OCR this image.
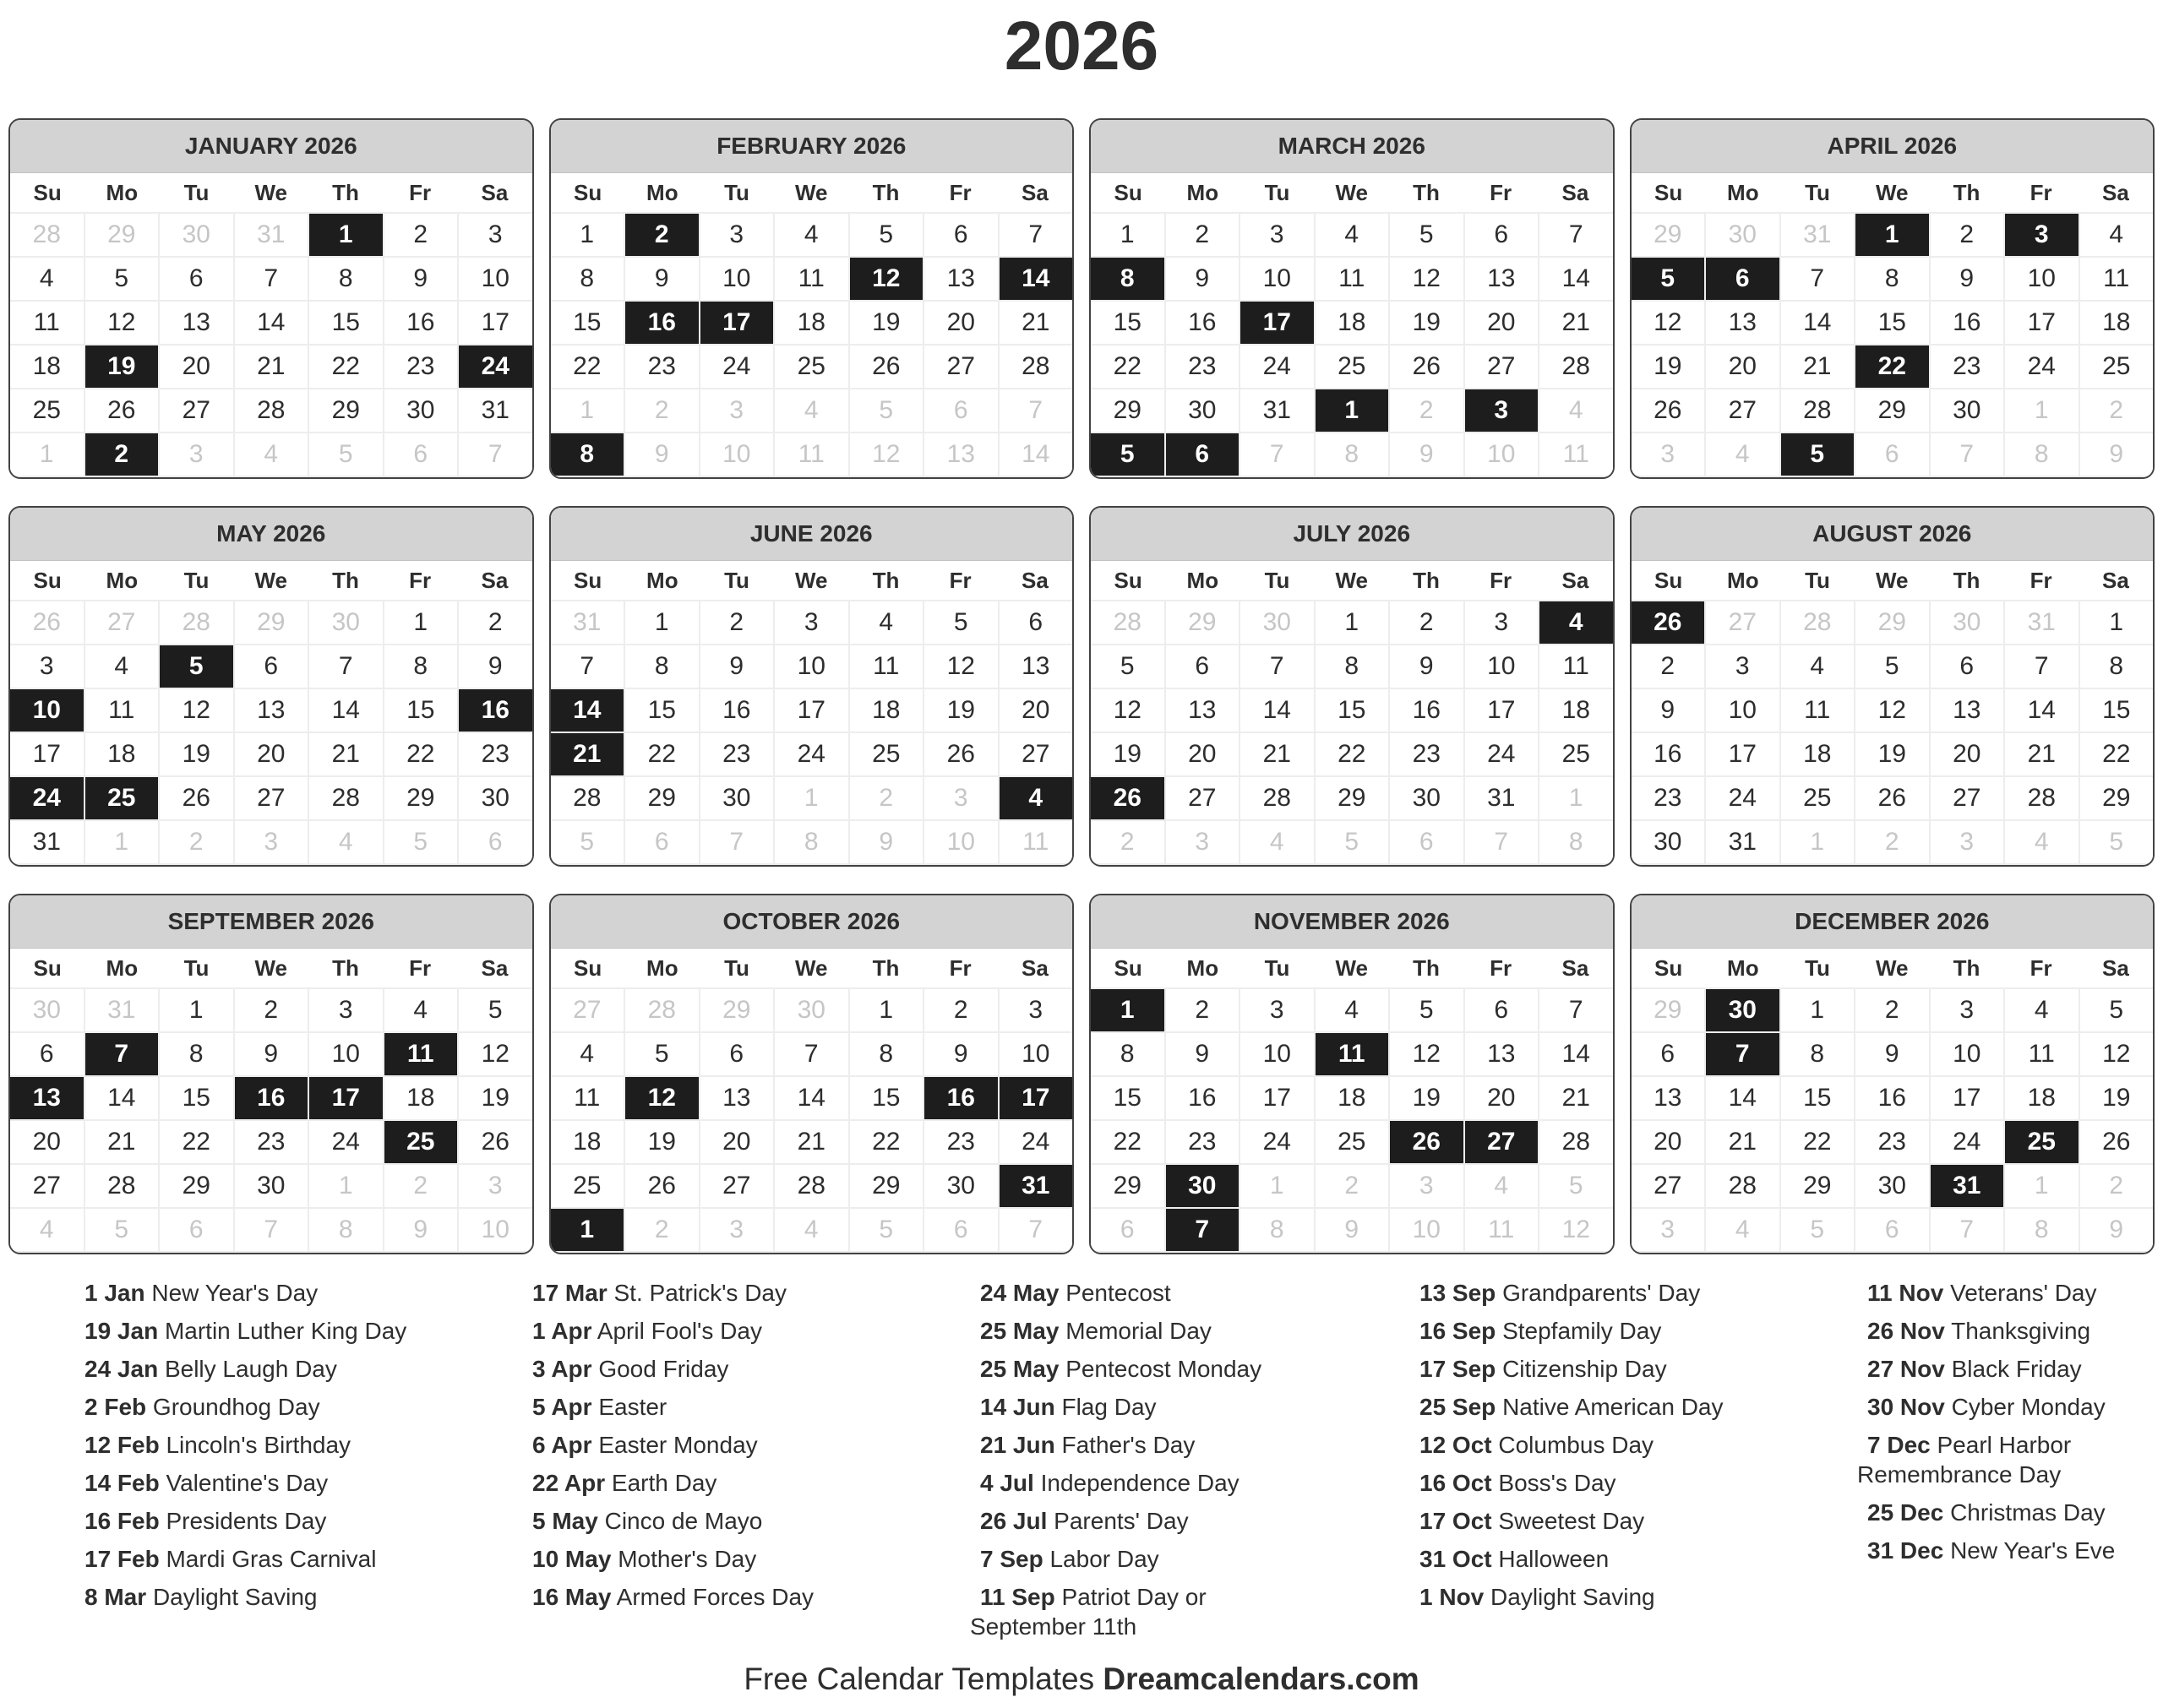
2026
JANUARY 2026
Su	Mo	Tu	We	Th	Fr	Sa
28	29	30	31	1	2	3
4	5	6	7	8	9	10
11	12	13	14	15	16	17
18	19	20	21	22	23	24
25	26	27	28	29	30	31
1	2	3	4	5	6	7
FEBRUARY 2026
Su	Mo	Tu	We	Th	Fr	Sa
1	2	3	4	5	6	7
8	9	10	11	12	13	14
15	16	17	18	19	20	21
22	23	24	25	26	27	28
1	2	3	4	5	6	7
8	9	10	11	12	13	14
MARCH 2026
Su	Mo	Tu	We	Th	Fr	Sa
1	2	3	4	5	6	7
8	9	10	11	12	13	14
15	16	17	18	19	20	21
22	23	24	25	26	27	28
29	30	31	1	2	3	4
5	6	7	8	9	10	11
APRIL 2026
Su	Mo	Tu	We	Th	Fr	Sa
29	30	31	1	2	3	4
5	6	7	8	9	10	11
12	13	14	15	16	17	18
19	20	21	22	23	24	25
26	27	28	29	30	1	2
3	4	5	6	7	8	9
MAY 2026
Su	Mo	Tu	We	Th	Fr	Sa
26	27	28	29	30	1	2
3	4	5	6	7	8	9
10	11	12	13	14	15	16
17	18	19	20	21	22	23
24	25	26	27	28	29	30
31	1	2	3	4	5	6
JUNE 2026
Su	Mo	Tu	We	Th	Fr	Sa
31	1	2	3	4	5	6
7	8	9	10	11	12	13
14	15	16	17	18	19	20
21	22	23	24	25	26	27
28	29	30	1	2	3	4
5	6	7	8	9	10	11
JULY 2026
Su	Mo	Tu	We	Th	Fr	Sa
28	29	30	1	2	3	4
5	6	7	8	9	10	11
12	13	14	15	16	17	18
19	20	21	22	23	24	25
26	27	28	29	30	31	1
2	3	4	5	6	7	8
AUGUST 2026
Su	Mo	Tu	We	Th	Fr	Sa
26	27	28	29	30	31	1
2	3	4	5	6	7	8
9	10	11	12	13	14	15
16	17	18	19	20	21	22
23	24	25	26	27	28	29
30	31	1	2	3	4	5
SEPTEMBER 2026
Su	Mo	Tu	We	Th	Fr	Sa
30	31	1	2	3	4	5
6	7	8	9	10	11	12
13	14	15	16	17	18	19
20	21	22	23	24	25	26
27	28	29	30	1	2	3
4	5	6	7	8	9	10
OCTOBER 2026
Su	Mo	Tu	We	Th	Fr	Sa
27	28	29	30	1	2	3
4	5	6	7	8	9	10
11	12	13	14	15	16	17
18	19	20	21	22	23	24
25	26	27	28	29	30	31
1	2	3	4	5	6	7
NOVEMBER 2026
Su	Mo	Tu	We	Th	Fr	Sa
1	2	3	4	5	6	7
8	9	10	11	12	13	14
15	16	17	18	19	20	21
22	23	24	25	26	27	28
29	30	1	2	3	4	5
6	7	8	9	10	11	12
DECEMBER 2026
Su	Mo	Tu	We	Th	Fr	Sa
29	30	1	2	3	4	5
6	7	8	9	10	11	12
13	14	15	16	17	18	19
20	21	22	23	24	25	26
27	28	29	30	31	1	2
3	4	5	6	7	8	9
1 Jan New Year's Day
19 Jan Martin Luther King Day
24 Jan Belly Laugh Day
2 Feb Groundhog Day
12 Feb Lincoln's Birthday
14 Feb Valentine's Day
16 Feb Presidents Day
17 Feb Mardi Gras Carnival
8 Mar Daylight Saving
17 Mar St. Patrick's Day
1 Apr April Fool's Day
3 Apr Good Friday
5 Apr Easter
6 Apr Easter Monday
22 Apr Earth Day
5 May Cinco de Mayo
10 May Mother's Day
16 May Armed Forces Day
24 May Pentecost
25 May Memorial Day
25 May Pentecost Monday
14 Jun Flag Day
21 Jun Father's Day
4 Jul Independence Day
26 Jul Parents' Day
7 Sep Labor Day
11 Sep Patriot Day or September 11th
13 Sep Grandparents' Day
16 Sep Stepfamily Day
17 Sep Citizenship Day
25 Sep Native American Day
12 Oct Columbus Day
16 Oct Boss's Day
17 Oct Sweetest Day
31 Oct Halloween
1 Nov Daylight Saving
11 Nov Veterans' Day
26 Nov Thanksgiving
27 Nov Black Friday
30 Nov Cyber Monday
7 Dec Pearl Harbor Remembrance Day
25 Dec Christmas Day
31 Dec New Year's Eve
Free Calendar Templates Dreamcalendars.com
